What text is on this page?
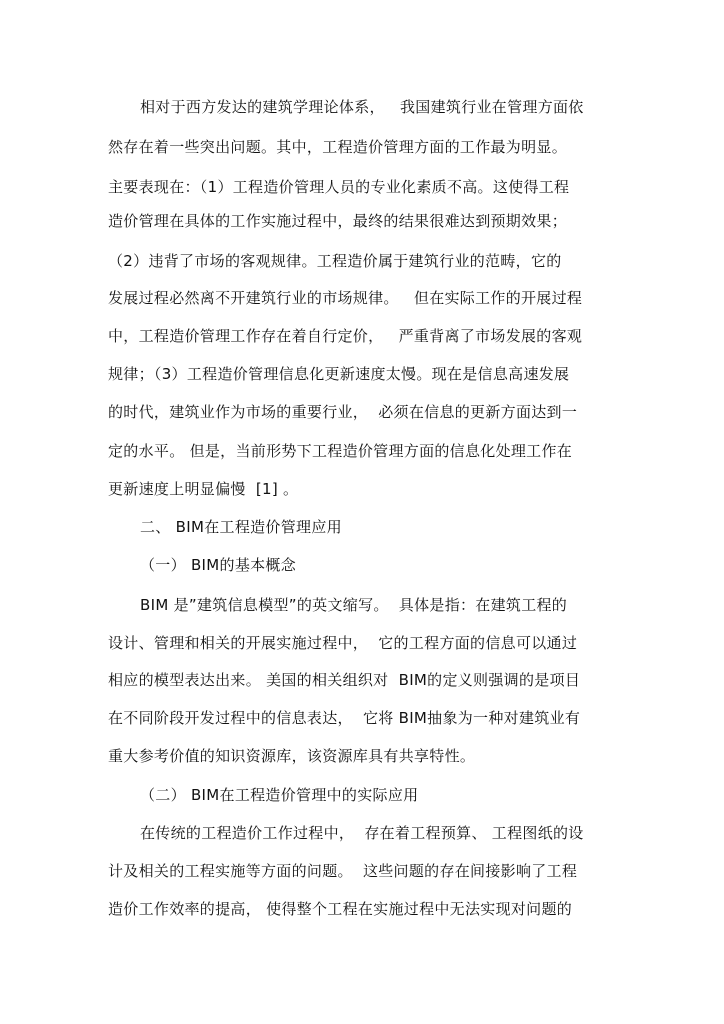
相对于西方发达的建筑学理论体系，   我国建筑行业在管理方面依
然存在着一些突出问题。其中，工程造价管理方面的工作最为明显。
主要表现在：（1）工程造价管理人员的专业化素质不高。这使得工程
造价管理在具体的工作实施过程中，最终的结果很难达到预期效果；
（2）违背了市场的客观规律。工程造价属于建筑行业的范畴，它的
发展过程必然离不开建筑行业的市场规律。   但在实际工作的开展过程
中，工程造价管理工作存在着自行定价，   严重背离了市场发展的客观
规律；（3）工程造价管理信息化更新速度太慢。现在是信息高速发展
的时代，建筑业作为市场的重要行业，  必须在信息的更新方面达到一
定的水平。 但是，当前形势下工程造价管理方面的信息化处理工作在
更新速度上明显偏慢  [1] 。
二、 BIM在工程造价管理应用
（一） BIM的基本概念
BIM 是”建筑信息模型”的英文缩写。  具体是指：在建筑工程的
设计、管理和相关的开展实施过程中，  它的工程方面的信息可以通过
相应的模型表达出来。 美国的相关组织对  BIM的定义则强调的是项目
在不同阶段开发过程中的信息表达，  它将 BIM抽象为一种对建筑业有
重大参考价值的知识资源库，该资源库具有共享特性。
（二） BIM在工程造价管理中的实际应用
在传统的工程造价工作过程中，  存在着工程预算、 工程图纸的设
计及相关的工程实施等方面的问题。  这些问题的存在间接影响了工程
造价工作效率的提高， 使得整个工程在实施过程中无法实现对问题的
